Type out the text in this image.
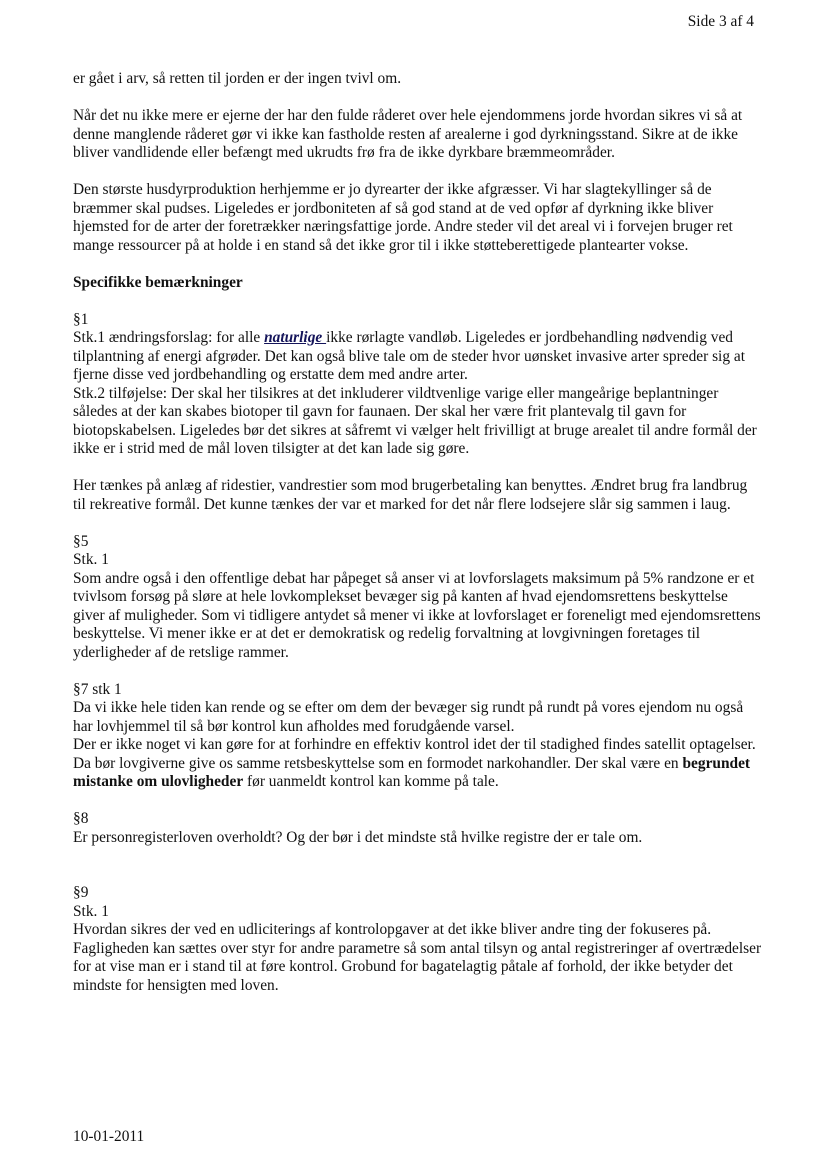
Side 3 af 4

er gået i arv, så retten til jorden er der ingen tvivl om.

Når det nu ikke mere er ejerne der har den fulde råderet over hele ejendommens jorde hvordan sikres vi så at denne manglende råderet gør vi ikke kan fastholde resten af arealerne i god dyrkningsstand. Sikre at de ikke bliver vandlidende eller befængt med ukrudts frø fra de ikke dyrkbare bræmmeområder.

Den største husdyrproduktion herhjemme er jo dyrearter der ikke afgræsser. Vi har slagtekyllinger så de bræmmer skal pudses. Ligeledes er jordboniteten af så god stand at de ved opfør af dyrkning ikke bliver hjemsted for de arter der foretrækker næringsfattige jorde. Andre steder vil det areal vi i forvejen bruger ret mange ressourcer på at holde i en stand så det ikke gror til i ikke støtteberettigede plantearter vokse.

Specifikke bemærkninger

§1

Stk.1 ændringsforslag: for alle naturlige ikke rørlagte vandløb. Ligeledes er jordbehandling nødvendig ved tilplantning af energi afgrøder. Det kan også blive tale om de steder hvor uønsket invasive arter spreder sig at fjerne disse ved jordbehandling og erstatte dem med andre arter.

Stk.2 tilføjelse: Der skal her tilsikres at det inkluderer vildtvenlige varige eller mangeårige beplantninger således at der kan skabes biotoper til gavn for faunaen. Der skal her være frit plantevalg til gavn for biotopskabelsen. Ligeledes bør det sikres at såfremt vi vælger helt frivilligt at bruge arealet til andre formål der ikke er i strid med de mål loven tilsigter at det kan lade sig gøre.

Her tænkes på anlæg af ridestier, vandrestier som mod brugerbetaling kan benyttes. Ændret brug fra landbrug til rekreative formål. Det kunne tænkes der var et marked for det når flere lodsejere slår sig sammen i laug.

§5

Stk. 1

Som andre også i den offentlige debat har påpeget så anser vi at lovforslagets maksimum på 5% randzone er et tvivlsom forsøg på sløre at hele lovkomplekset bevæger sig på kanten af hvad ejendomsrettens beskyttelse giver af muligheder. Som vi tidligere antydet så mener vi ikke at lovforslaget er foreneligt med ejendomsrettens beskyttelse. Vi mener ikke er at det er demokratisk og redelig forvaltning at lovgivningen foretages til yderligheder af de retslige rammer.

§7 stk 1

Da vi ikke hele tiden kan rende og se efter om dem der bevæger sig rundt på rundt på vores ejendom nu også har lovhjemmel til så bør kontrol kun afholdes med forudgående varsel.

Der er ikke noget vi kan gøre for at forhindre en effektiv kontrol idet der til stadighed findes satellit optagelser. Da bør lovgiverne give os samme retsbeskyttelse som en formodet narkohandler. Der skal være en begrundet mistanke om ulovligheder før uanmeldt kontrol kan komme på tale.

§8

Er personregisterloven overholdt? Og der bør i det mindste stå hvilke registre der er tale om.

§9

Stk. 1

Hvordan sikres der ved en udliciterings af kontrolopgaver at det ikke bliver andre ting der fokuseres på. Fagligheden kan sættes over styr for andre parametre så som antal tilsyn og antal registreringer af overtrædelser for at vise man er i stand til at føre kontrol. Grobund for bagatelagtig påtale af forhold, der ikke betyder det mindste for hensigten med loven.

10-01-2011
